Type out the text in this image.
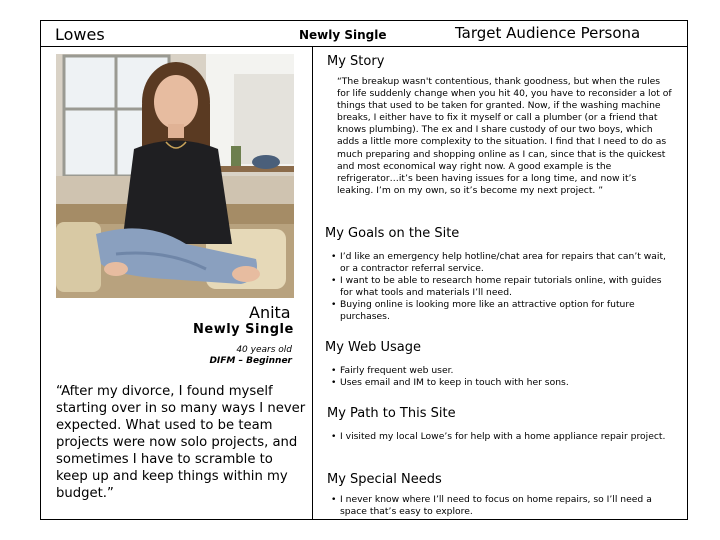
Lowes	Newly Single	Target Audience Persona
Anita
Newly Single
40 years old
DIFM – Beginner
“After my divorce, I found myself starting over in so many ways I never expected. What used to be team projects were now solo projects, and sometimes I have to scramble to keep up and keep things within my budget.”
My Story
“The breakup wasn't contentious, thank goodness, but when the rules for life suddenly change when you hit 40, you have to reconsider a lot of things that used to be taken for granted. Now, if the washing machine breaks, I either have to fix it myself or call a plumber (or a friend that knows plumbing). The ex and I share custody of our two boys, which adds a little more complexity to the situation. I find that I need to do as much preparing and shopping online as I can, since that is the quickest and most economical way right now. A good example is the refrigerator…it’s been having issues for a long time, and now it’s leaking. I’m on my own, so it’s become my next project. ”
My Goals on the Site
• I’d like an emergency help hotline/chat area for repairs that can’t wait, or a contractor referral service.
• I want to be able to research home repair tutorials online, with guides for what tools and materials I’ll need.
• Buying online is looking more like an attractive option for future purchases.
My Web Usage
• Fairly frequent web user.
• Uses email and IM to keep in touch with her sons.
My Path to This Site
• I visited my local Lowe’s for help with a home appliance repair project.
My Special Needs
• I never know where I’ll need to focus on home repairs, so I’ll need a space that’s easy to explore.
